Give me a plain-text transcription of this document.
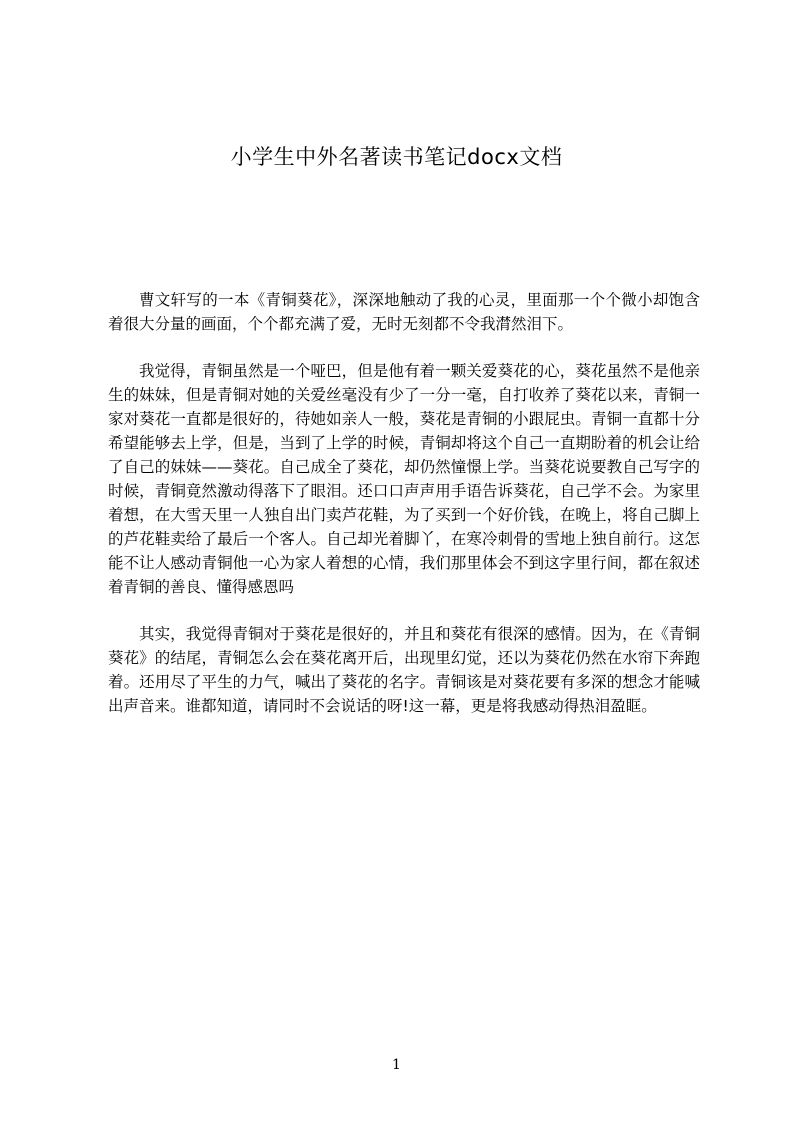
小学生中外名著读书笔记docx文档

曹文轩写的一本《青铜葵花》，深深地触动了我的心灵，里面那一个个微小却饱含着很大分量的画面，个个都充满了爱，无时无刻都不令我潸然泪下。

我觉得，青铜虽然是一个哑巴，但是他有着一颗关爱葵花的心，葵花虽然不是他亲生的妹妹，但是青铜对她的关爱丝毫没有少了一分一毫，自打收养了葵花以来，青铜一家对葵花一直都是很好的，待她如亲人一般，葵花是青铜的小跟屁虫。青铜一直都十分希望能够去上学，但是，当到了上学的时候，青铜却将这个自己一直期盼着的机会让给了自己的妹妹——葵花。自己成全了葵花，却仍然憧憬上学。当葵花说要教自己写字的时候，青铜竟然激动得落下了眼泪。还口口声声用手语告诉葵花，自己学不会。为家里着想，在大雪天里一人独自出门卖芦花鞋，为了买到一个好价钱，在晚上，将自己脚上的芦花鞋卖给了最后一个客人。自己却光着脚丫，在寒冷刺骨的雪地上独自前行。这怎能不让人感动青铜他一心为家人着想的心情，我们那里体会不到这字里行间，都在叙述着青铜的善良、懂得感恩吗

其实，我觉得青铜对于葵花是很好的，并且和葵花有很深的感情。因为，在《青铜葵花》的结尾，青铜怎么会在葵花离开后，出现里幻觉，还以为葵花仍然在水帘下奔跑着。还用尽了平生的力气，喊出了葵花的名字。青铜该是对葵花要有多深的想念才能喊出声音来。谁都知道，请同时不会说话的呀!这一幕，更是将我感动得热泪盈眶。

1
